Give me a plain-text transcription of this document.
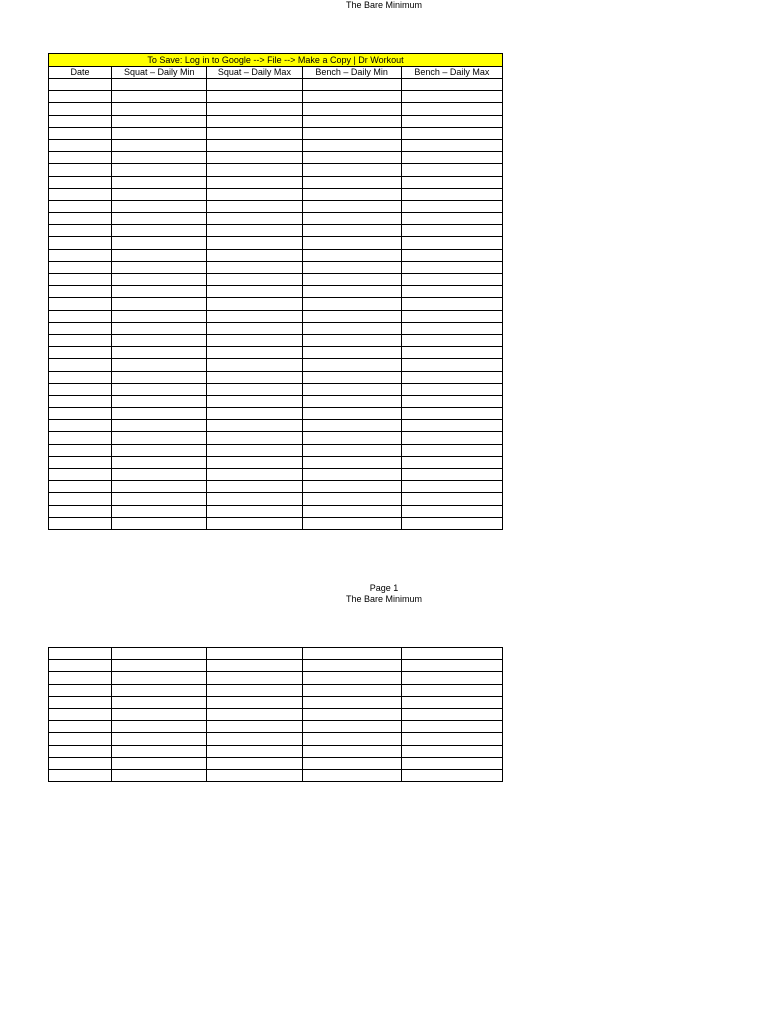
The Bare Minimum
To Save: Log in to Google --> File --> Make a Copy | Dr Workout				
Date	Squat – Daily Min	Squat – Daily Max	Bench – Daily Min	Bench – Daily Max

Page 1
The Bare Minimum
